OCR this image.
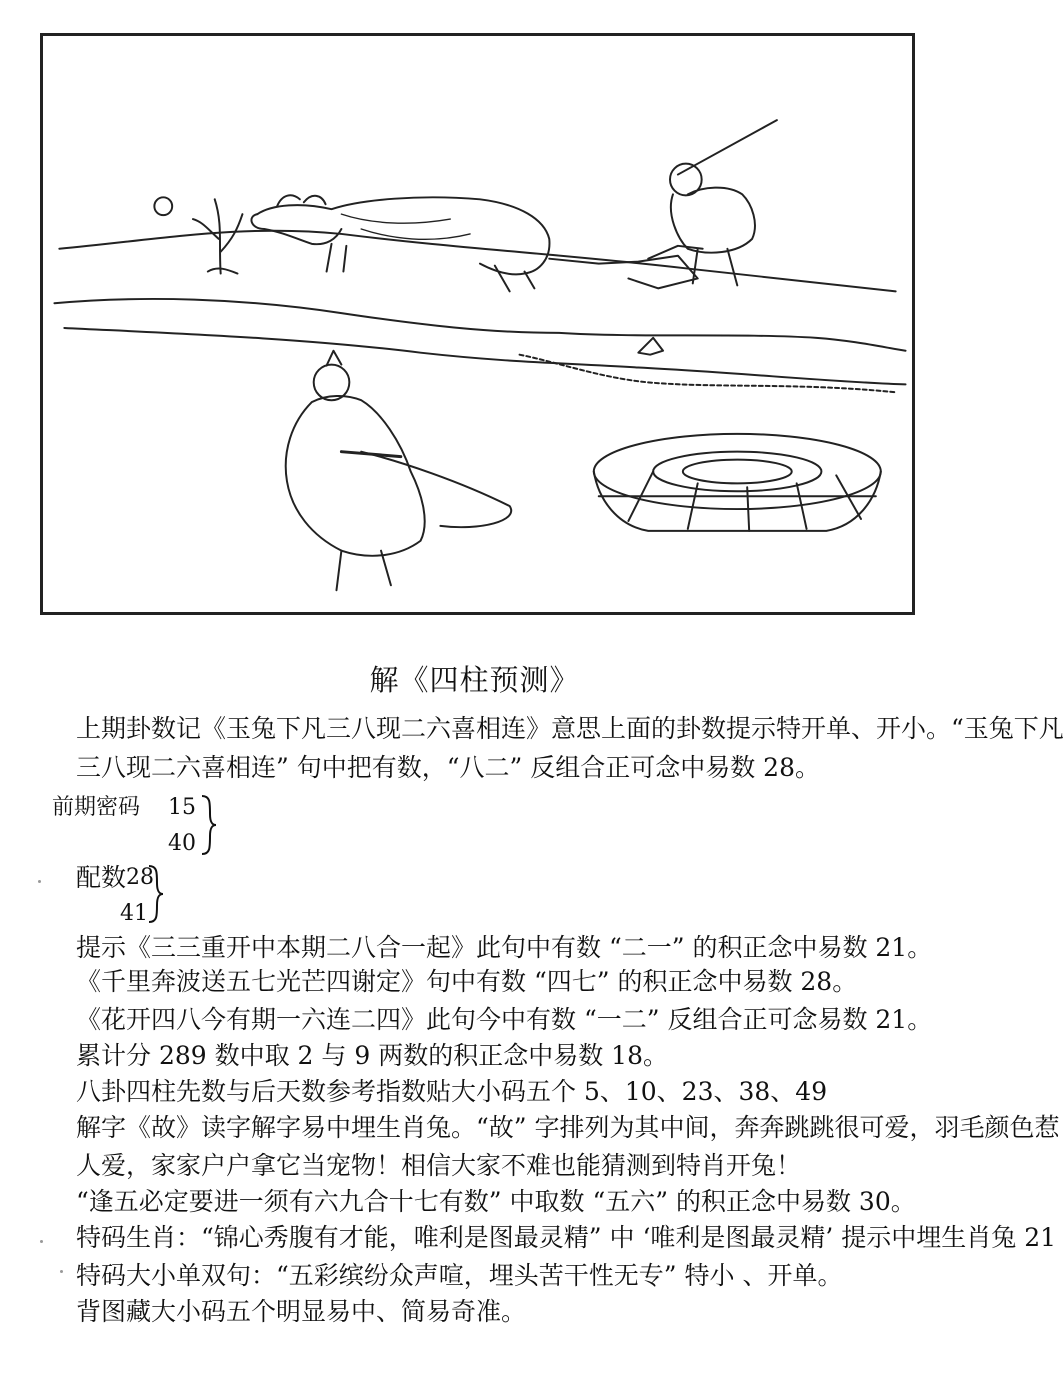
解《四柱预测》
上期卦数记《玉兔下凡三八现二六喜相连》意思上面的卦数提示特开单、开小。“玉兔下凡
三八现二六喜相连” 句中把有数，“八二” 反组合正可念中易数 28。
前期密码 15
40
配数 28
41
提示《三三重开中本期二八合一起》此句中有数 “二一” 的积正念中易数 21。
《千里奔波送五七光芒四谢定》句中有数 “四七” 的积正念中易数 28。
《花开四八今有期一六连二四》此句今中有数 “一二” 反组合正可念易数 21。
累计分 289 数中取 2 与 9 两数的积正念中易数 18。
八卦四柱先数与后天数参考指数贴大小码五个 5、10、23、38、49
解字《故》读字解字易中埋生肖兔。“故” 字排列为其中间，奔奔跳跳很可爱，羽毛颜色惹
人爱，家家户户拿它当宠物！相信大家不难也能猜测到特肖开兔！
“逢五必定要进一须有六九合十七有数” 中取数 “五六” 的积正念中易数 30。
特码生肖：“锦心秀腹有才能，唯利是图最灵精” 中 ‘唯利是图最灵精’ 提示中埋生肖兔 21
特码大小单双句：“五彩缤纷众声喧，埋头苦干性无专” 特小 、开单。
背图藏大小码五个明显易中、简易奇准。
